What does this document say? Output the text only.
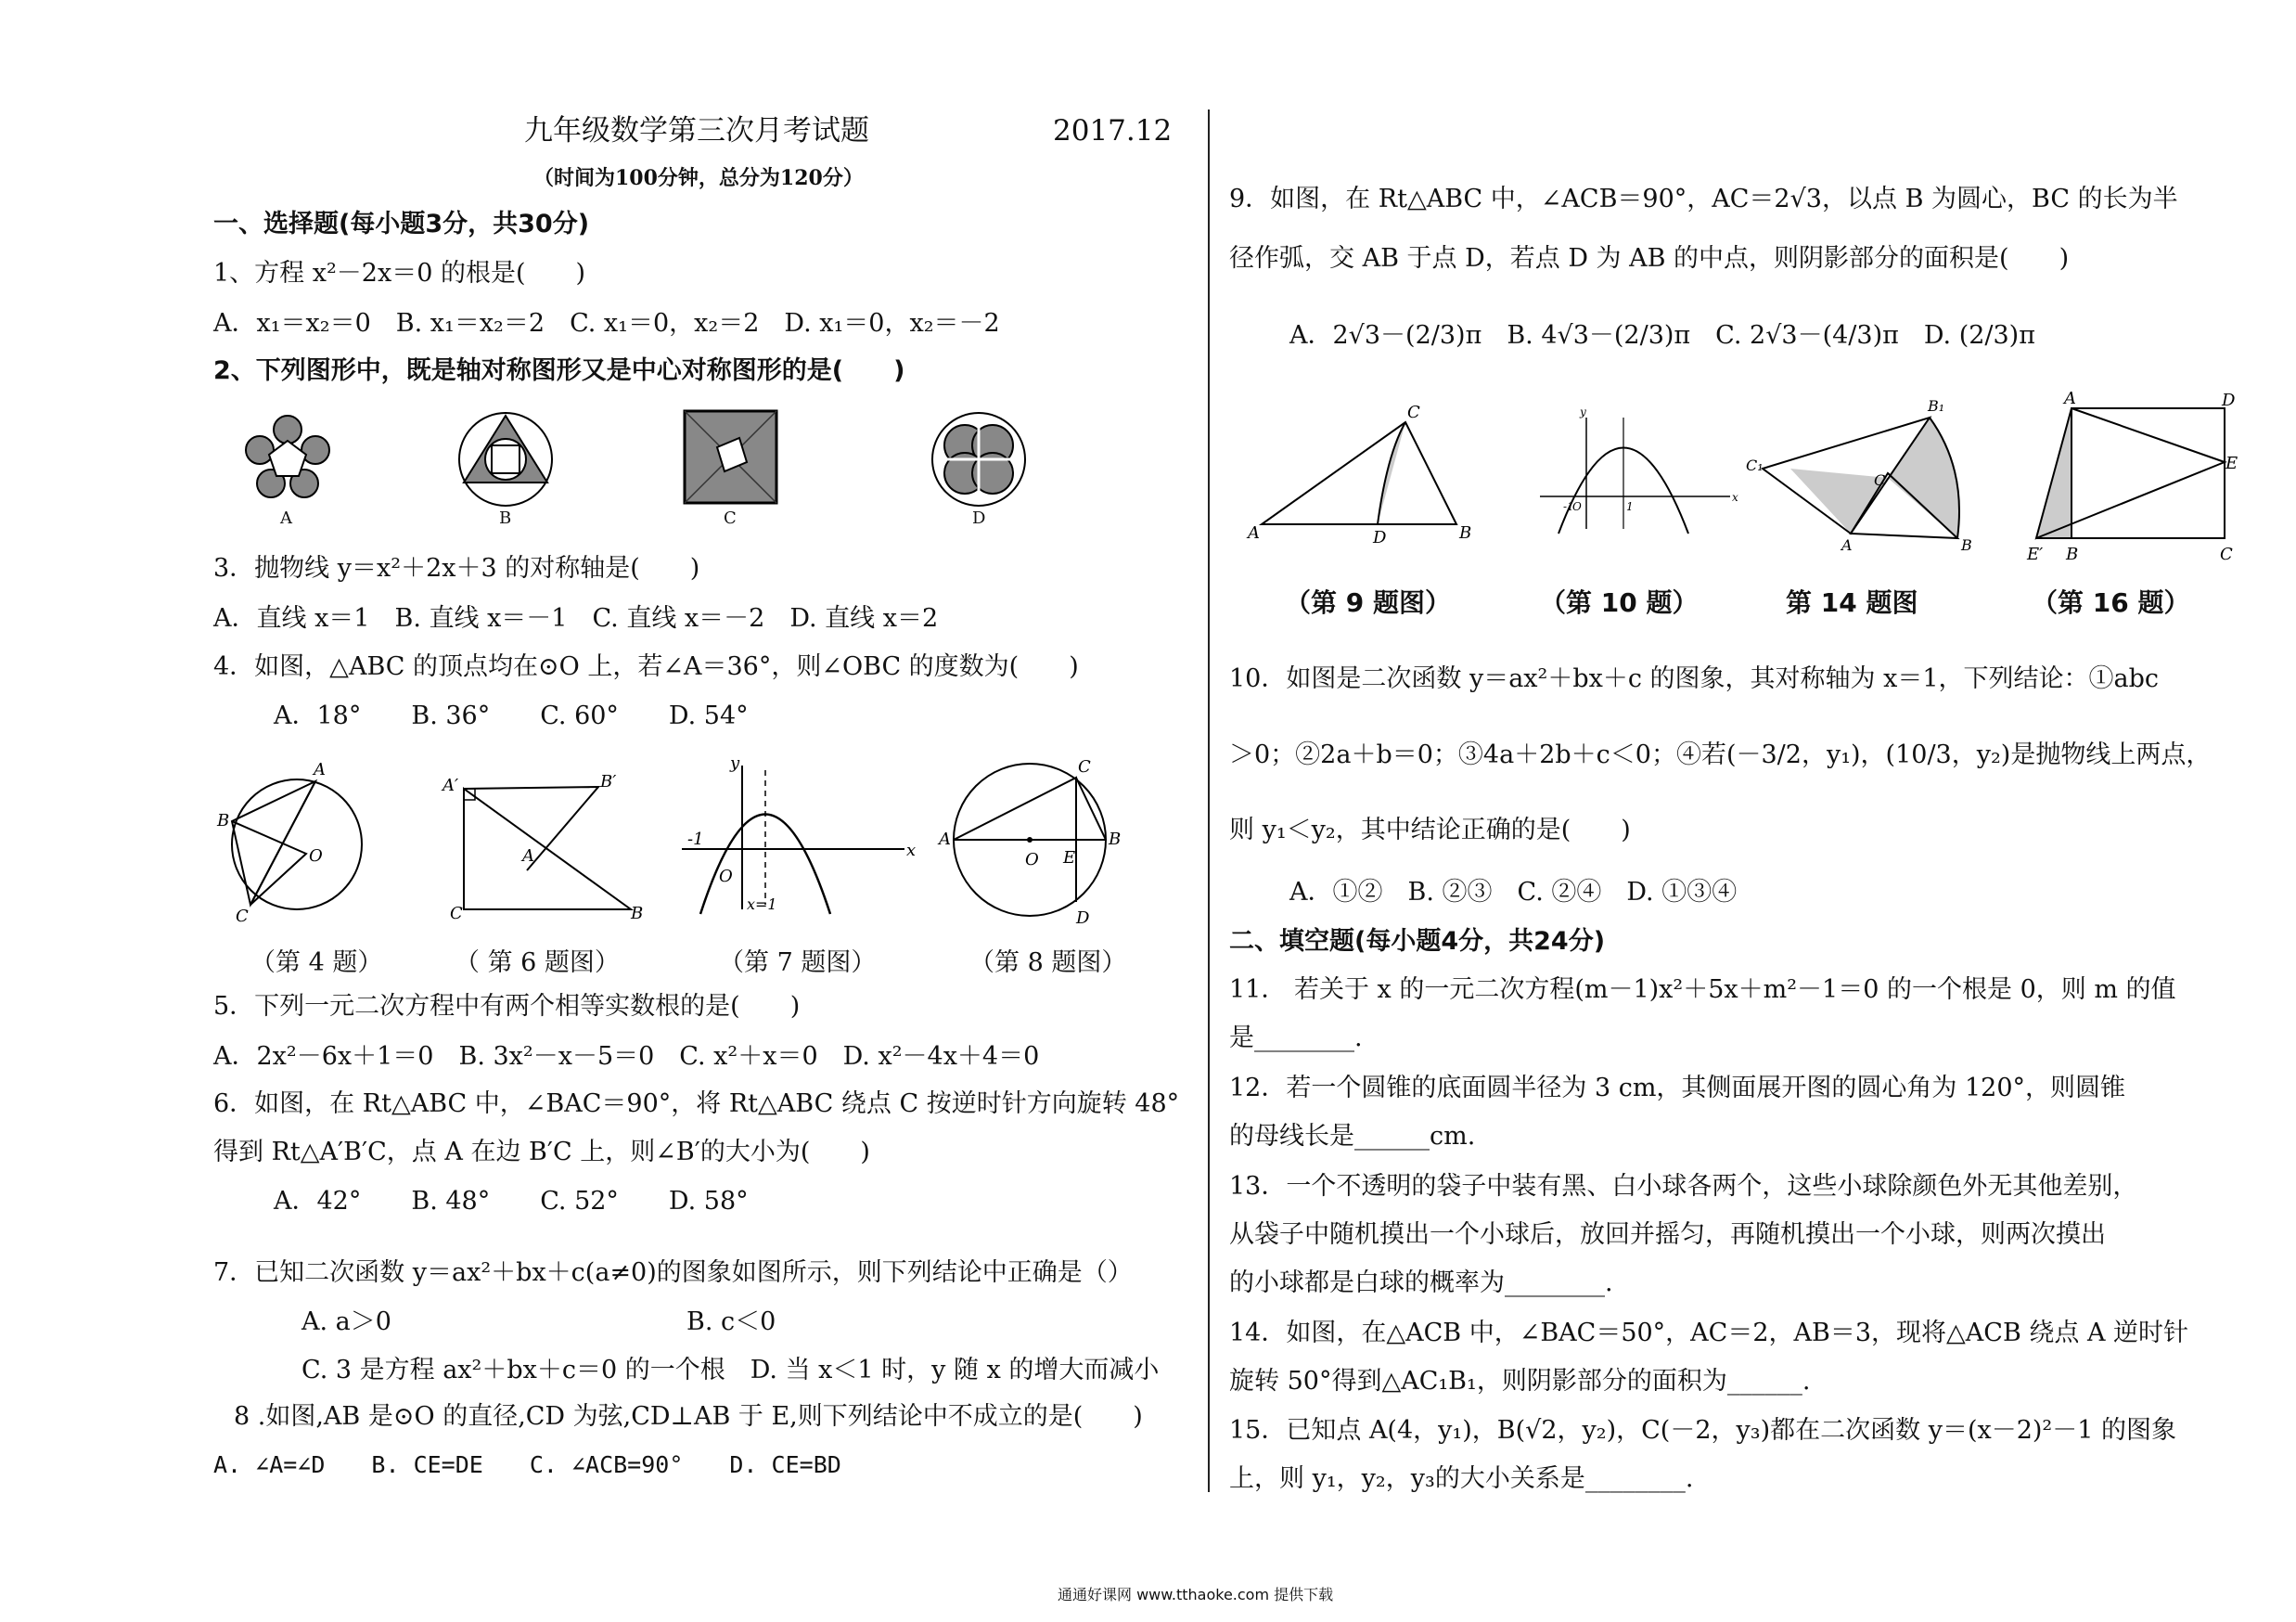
九年级数学第三次月考试题	2017.12
（时间为100分钟，总分为120分）
一、选择题(每小题3分，共30分)
1、方程 x²－2x＝0 的根是(　　)
A．x₁＝x₂＝0　B. x₁＝x₂＝2　C. x₁＝0，x₂＝2　D. x₁＝0，x₂＝－2
2、下列图形中，既是轴对称图形又是中心对称图形的是(　　)
A	B	C	D
3．抛物线 y＝x²＋2x＋3 的对称轴是(　　)
A．直线 x＝1　B. 直线 x＝－1　C. 直线 x＝－2　D. 直线 x＝2
4．如图，△ABC 的顶点均在⊙O 上，若∠A＝36°，则∠OBC 的度数为(　　)
A．18°　　B. 36°　　C. 60°　　D. 54°
A
B
C
O
A′	B′
A
C	B
O
x
y
-1
x=1
A
O E
B
C
D
（第 4 题）	（ 第 6 题图）	（第 7 题图）	（第 8 题图）
5．下列一元二次方程中有两个相等实数根的是(　　)
A．2x²－6x＋1＝0　B. 3x²－x－5＝0　C. x²＋x＝0　D. x²－4x＋4＝0
6．如图，在 Rt△ABC 中，∠BAC＝90°，将 Rt△ABC 绕点 C 按逆时针方向旋转 48°
得到 Rt△A′B′C，点 A 在边 B′C 上，则∠B′的大小为(　　)
A．42°　　B. 48°　　C. 52°　　D. 58°
7．已知二次函数 y＝ax²＋bx＋c(a≠0)的图象如图所示，则下列结论中正确是（）
A. a＞0	B. c＜0
C. 3 是方程 ax²＋bx＋c＝0 的一个根　D. 当 x＜1 时，y 随 x 的增大而减小
8 .如图,AB 是⊙O 的直径,CD 为弦,CD⊥AB 于 E,则下列结论中不成立的是(　　)
A. ∠A=∠D　　B. CE=DE　　C. ∠ACB=90°　　D. CE=BD
9．如图，在 Rt△ABC 中，∠ACB＝90°，AC＝2√3，以点 B 为圆心，BC 的长为半
径作弧，交 AB 于点 D，若点 D 为 AB 的中点，则阴影部分的面积是(　　)
A．2√3－(2/3)π　B. 4√3－(2/3)π　C. 2√3－(4/3)π　D. (2/3)π
A	D	B
C
O
x
y
-1	1
C₁
B₁
C
A	B
A	D
E
E′ B	C
（第 9 题图）	（第 10 题）	第 14 题图	（第 16 题）
10．如图是二次函数 y＝ax²＋bx＋c 的图象，其对称轴为 x＝1，下列结论：①abc
＞0；②2a＋b＝0；③4a＋2b＋c＜0；④若(－3/2，y₁)，(10/3，y₂)是抛物线上两点，
则 y₁＜y₂，其中结论正确的是(　　)
A．①②　B. ②③　C. ②④　D. ①③④
二、填空题(每小题4分，共24分)
11． 若关于 x 的一元二次方程(m－1)x²＋5x＋m²－1＝0 的一个根是 0，则 m 的值
是________.
12．若一个圆锥的底面圆半径为 3 cm，其侧面展开图的圆心角为 120°，则圆锥
的母线长是______cm.
13．一个不透明的袋子中装有黑、白小球各两个，这些小球除颜色外无其他差别，
从袋子中随机摸出一个小球后，放回并摇匀，再随机摸出一个小球，则两次摸出
的小球都是白球的概率为________.
14．如图，在△ACB 中，∠BAC＝50°，AC＝2，AB＝3，现将△ACB 绕点 A 逆时针
旋转 50°得到△AC₁B₁，则阴影部分的面积为______.
15．已知点 A(4，y₁)，B(√2，y₂)，C(－2，y₃)都在二次函数 y＝(x－2)²－1 的图象
上，则 y₁，y₂，y₃的大小关系是________.
通通好课网 www.tthaoke.com 提供下载
